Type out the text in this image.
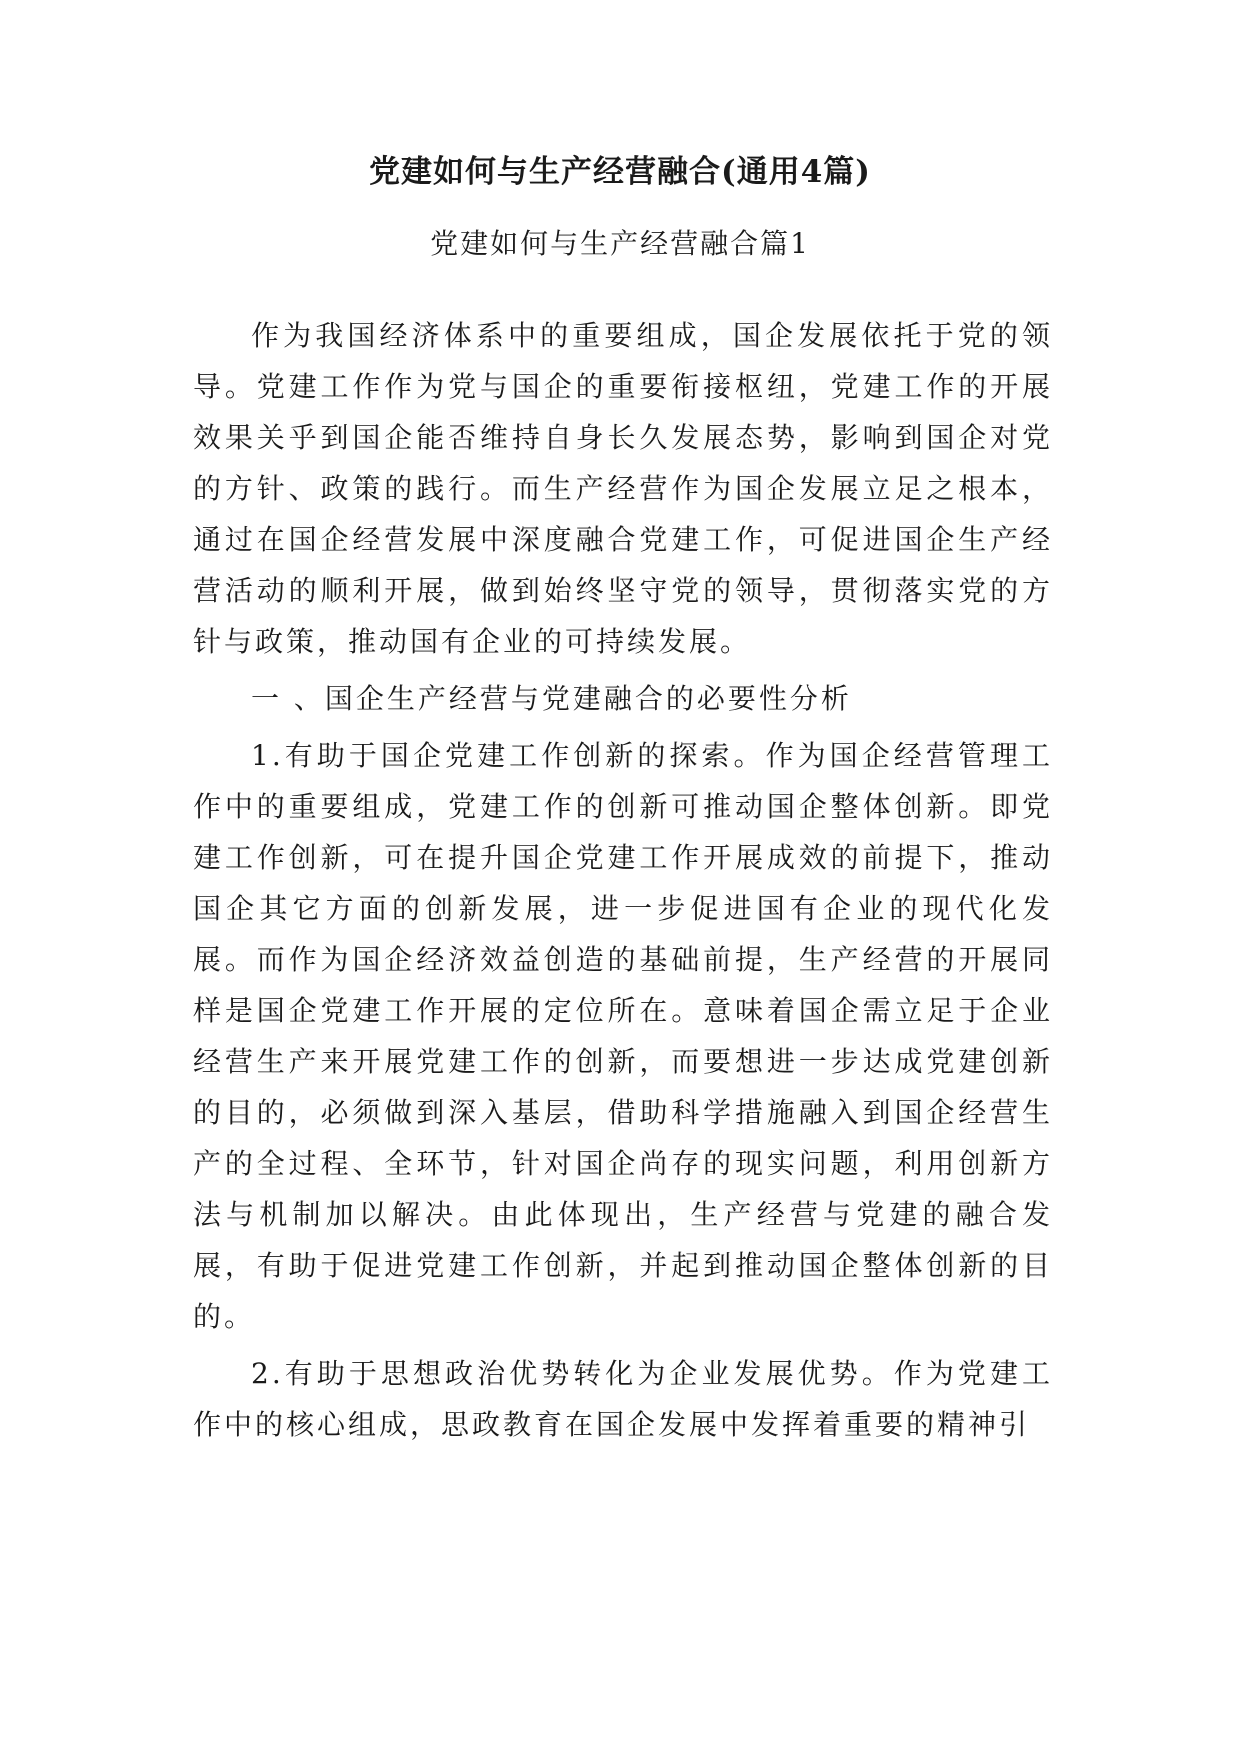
党建如何与生产经营融合(通用4篇)
党建如何与生产经营融合篇1

作为我国经济体系中的重要组成，国企发展依托于党的领导。党建工作作为党与国企的重要衔接枢纽，党建工作的开展效果关乎到国企能否维持自身长久发展态势，影响到国企对党的方针、政策的践行。而生产经营作为国企发展立足之根本，通过在国企经营发展中深度融合党建工作，可促进国企生产经营活动的顺利开展，做到始终坚守党的领导，贯彻落实党的方针与政策，推动国有企业的可持续发展。

一 、国企生产经营与党建融合的必要性分析

1.有助于国企党建工作创新的探索。作为国企经营管理工作中的重要组成，党建工作的创新可推动国企整体创新。即党建工作创新，可在提升国企党建工作开展成效的前提下，推动国企其它方面的创新发展，进一步促进国有企业的现代化发展。而作为国企经济效益创造的基础前提，生产经营的开展同样是国企党建工作开展的定位所在。意味着国企需立足于企业经营生产来开展党建工作的创新，而要想进一步达成党建创新的目的，必须做到深入基层，借助科学措施融入到国企经营生产的全过程、全环节，针对国企尚存的现实问题，利用创新方法与机制加以解决。由此体现出，生产经营与党建的融合发展，有助于促进党建工作创新，并起到推动国企整体创新的目的。

2.有助于思想政治优势转化为企业发展优势。作为党建工作中的核心组成，思政教育在国企发展中发挥着重要的精神引
